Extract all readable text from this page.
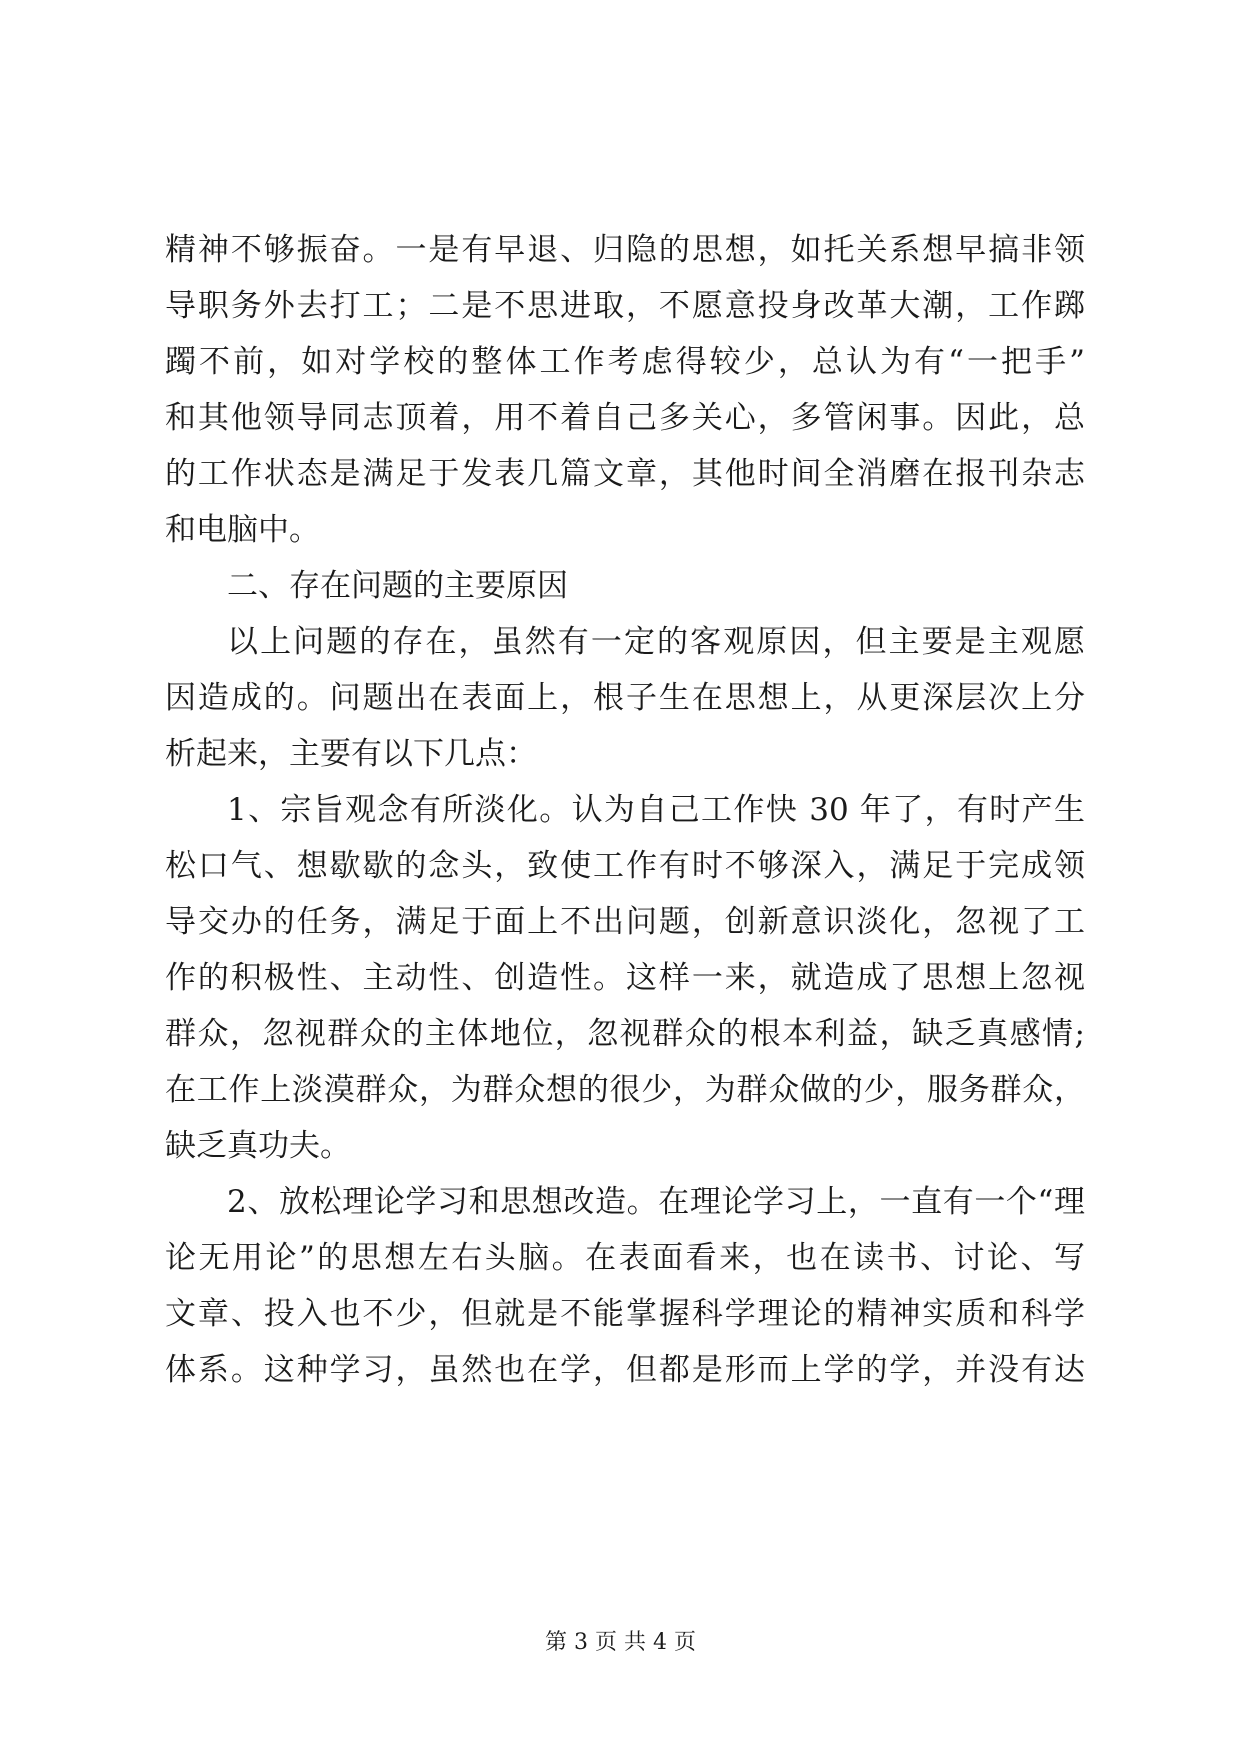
精神不够振奋。一是有早退、归隐的思想，如托关系想早搞非领
导职务外去打工；二是不思进取，不愿意投身改革大潮，工作踯
躅不前，如对学校的整体工作考虑得较少，总认为有“一把手”
和其他领导同志顶着，用不着自己多关心，多管闲事。因此，总
的工作状态是满足于发表几篇文章，其他时间全消磨在报刊杂志
和电脑中。
二、存在问题的主要原因
以上问题的存在，虽然有一定的客观原因，但主要是主观愿
因造成的。问题出在表面上，根子生在思想上，从更深层次上分
析起来，主要有以下几点：
1、宗旨观念有所淡化。认为自己工作快 30 年了，有时产生
松口气、想歇歇的念头，致使工作有时不够深入，满足于完成领
导交办的任务，满足于面上不出问题，创新意识淡化，忽视了工
作的积极性、主动性、创造性。这样一来，就造成了思想上忽视
群众，忽视群众的主体地位，忽视群众的根本利益，缺乏真感情;
在工作上淡漠群众，为群众想的很少，为群众做的少，服务群众，
缺乏真功夫。
2、放松理论学习和思想改造。在理论学习上，一直有一个“理
论无用论”的思想左右头脑。在表面看来，也在读书、讨论、写
文章、投入也不少，但就是不能掌握科学理论的精神实质和科学
体系。这种学习，虽然也在学，但都是形而上学的学，并没有达
第 3 页 共 4 页
